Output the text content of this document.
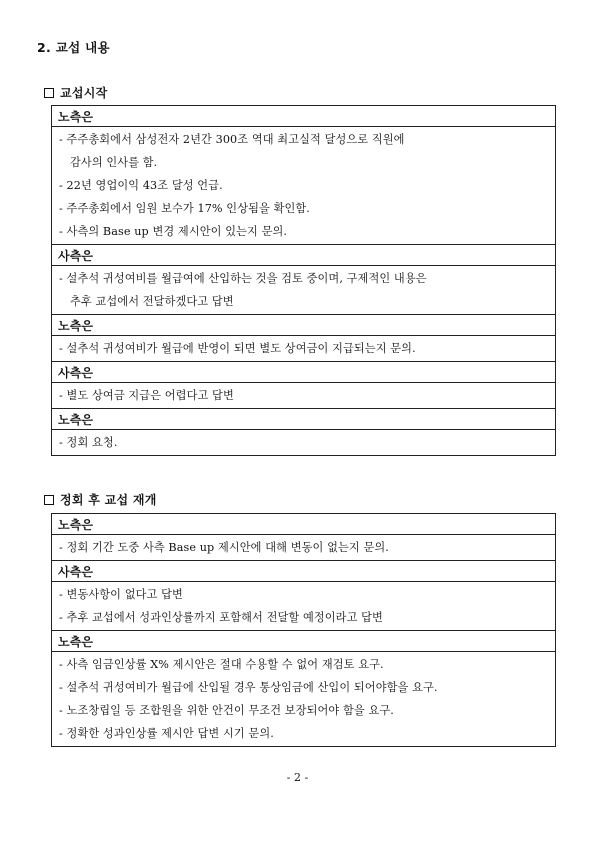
2. 교섭 내용
교섭시작
노측은

- 주주총회에서 삼성전자 2년간 300조 역대 최고실적 달성으로 직원에
감사의 인사를 함.
- 22년 영업이익 43조 달성 언급.
- 주주총회에서 임원 보수가 17% 인상됨을 확인함.
- 사측의 Base up 변경 제시안이 있는지 문의.

사측은

- 설추석 귀성여비를 월급여에 산입하는 것을 검토 중이며, 구제적인 내용은
추후 교섭에서 전달하겠다고 답변

노측은

- 설추석 귀성여비가 월급에 반영이 되면 별도 상여금이 지급되는지 문의.

사측은

- 별도 상여금 지급은 어렵다고 답변

노측은

- 정회 요청.
정회 후 교섭 재개
노측은

- 정회 기간 도중 사측 Base up 제시안에 대해 변동이 없는지 문의.

사측은

- 변동사항이 없다고 답변
- 추후 교섭에서 성과인상률까지 포함해서 전달할 예정이라고 답변

노측은

- 사측 임금인상률 X% 제시안은 절대 수용할 수 없어 재검토 요구.
- 설추석 귀성여비가 월급에 산입될 경우 통상임금에 산입이 되어야함을 요구.
- 노조창립일 등 조합원을 위한 안건이 무조건 보장되어야 함을 요구.
- 정확한 성과인상률 제시안 답변 시기 문의.
- 2 -
